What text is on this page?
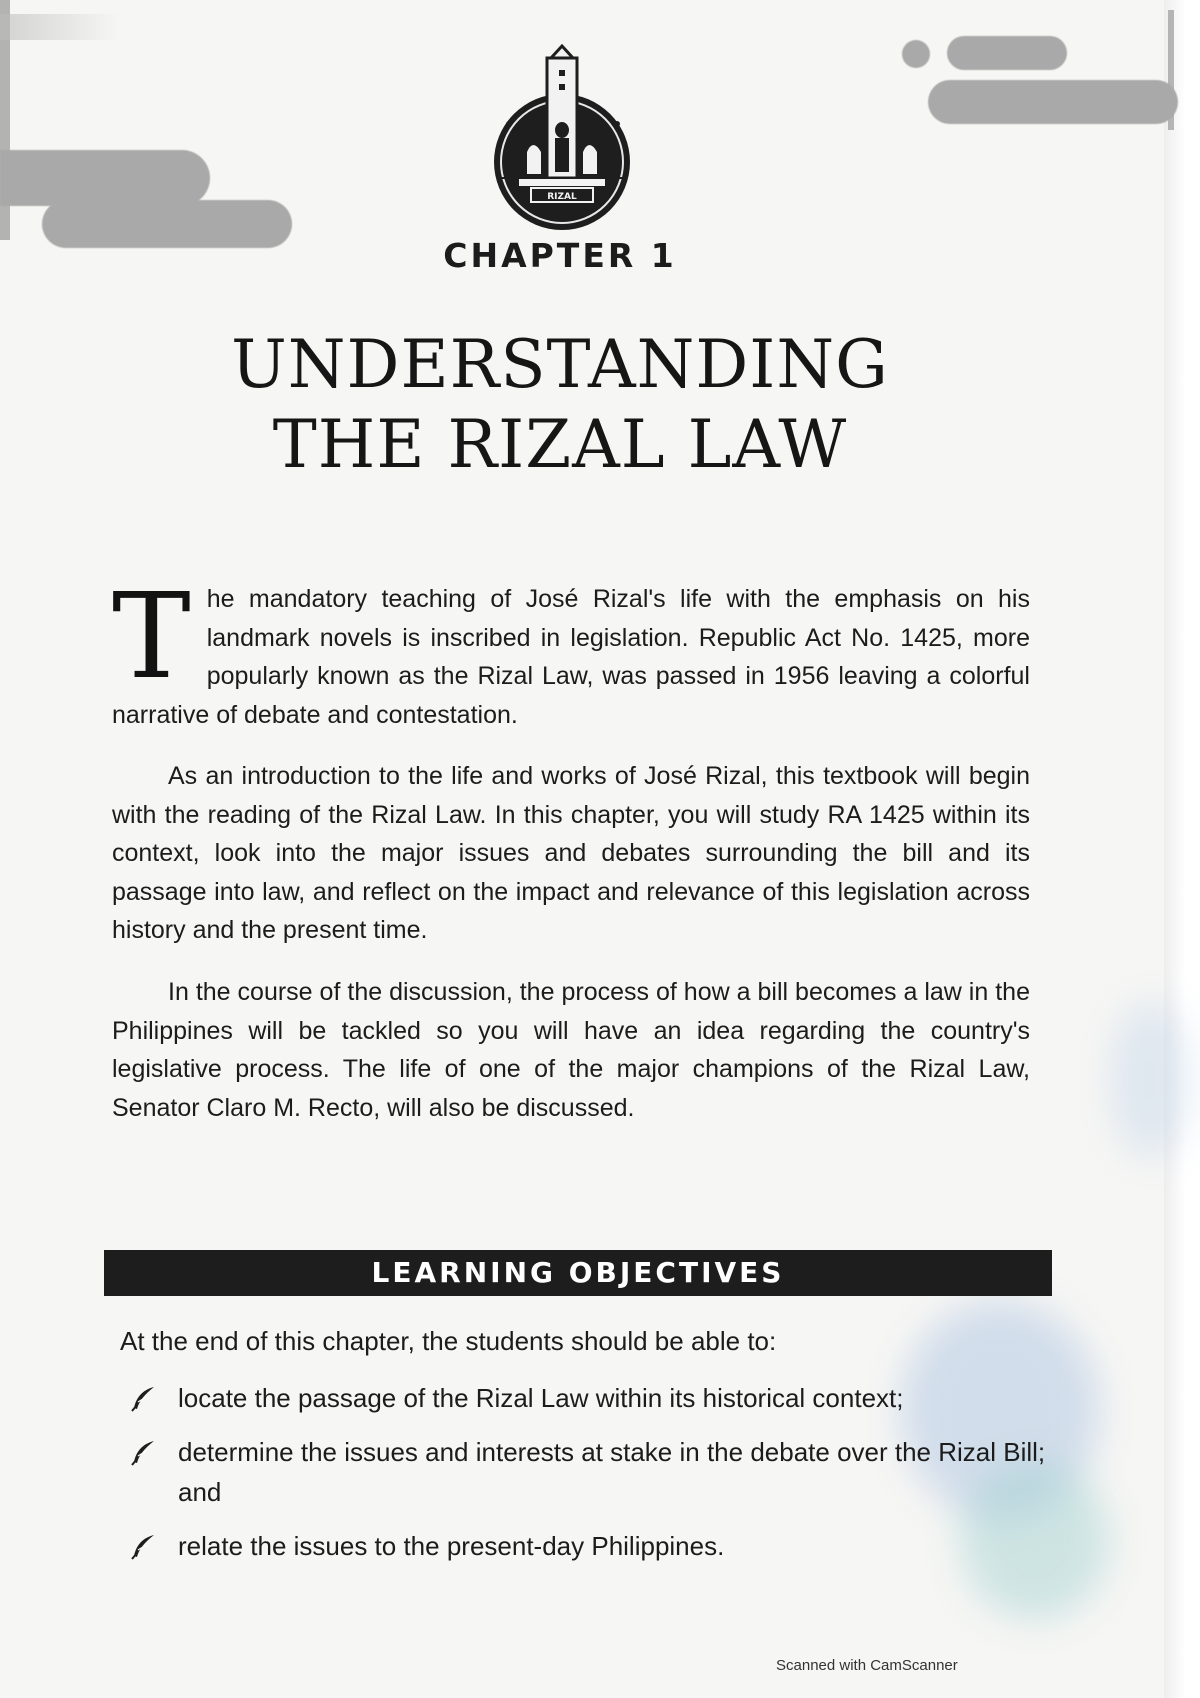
RIZAL
CHAPTER 1
UNDERSTANDING
THE RIZAL LAW
The mandatory teaching of José Rizal's life with the emphasis on his landmark novels is inscribed in legislation. Republic Act No. 1425, more popularly known as the Rizal Law, was passed in 1956 leaving a colorful narrative of debate and contestation.
As an introduction to the life and works of José Rizal, this textbook will begin with the reading of the Rizal Law. In this chapter, you will study RA 1425 within its context, look into the major issues and debates surrounding the bill and its passage into law, and reflect on the impact and relevance of this legislation across history and the present time.
In the course of the discussion, the process of how a bill becomes a law in the Philippines will be tackled so you will have an idea regarding the country's legislative process. The life of one of the major champions of the Rizal Law, Senator Claro M. Recto, will also be discussed.
LEARNING OBJECTIVES
At the end of this chapter, the students should be able to:
locate the passage of the Rizal Law within its historical context;
determine the issues and interests at stake in the debate over the Rizal Bill; and
relate the issues to the present-day Philippines.
Scanned with CamScanner
